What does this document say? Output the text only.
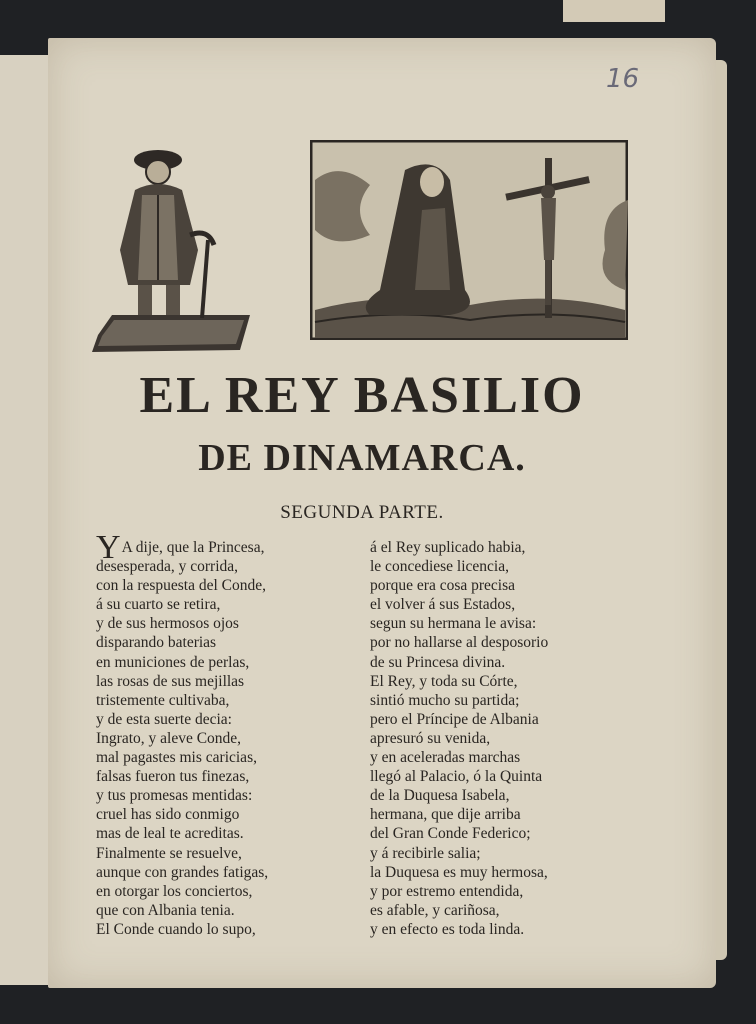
16
EL REY BASILIO
DE DINAMARCA.
SEGUNDA PARTE.
YA dije, que la Princesa,
desesperada, y corrida,
con la respuesta del Conde,
á su cuarto se retira,
y de sus hermosos ojos
disparando baterias
en municiones de perlas,
las rosas de sus mejillas
tristemente cultivaba,
y de esta suerte decia:
Ingrato, y aleve Conde,
mal pagastes mis caricias,
falsas fueron tus finezas,
y tus promesas mentidas:
cruel has sido conmigo
mas de leal te acreditas.
Finalmente se resuelve,
aunque con grandes fatigas,
en otorgar los conciertos,
que con Albania tenia.
El Conde cuando lo supo,
á el Rey suplicado habia,
le concediese licencia,
porque era cosa precisa
el volver á sus Estados,
segun su hermana le avisa:
por no hallarse al desposorio
de su Princesa divina.
El Rey, y toda su Córte,
sintió mucho su partida;
pero el Príncipe de Albania
apresuró su venida,
y en aceleradas marchas
llegó al Palacio, ó la Quinta
de la Duquesa Isabela,
hermana, que dije arriba
del Gran Conde Federico;
y á recibirle salia;
la Duquesa es muy hermosa,
y por estremo entendida,
es afable, y cariñosa,
y en efecto es toda linda.
